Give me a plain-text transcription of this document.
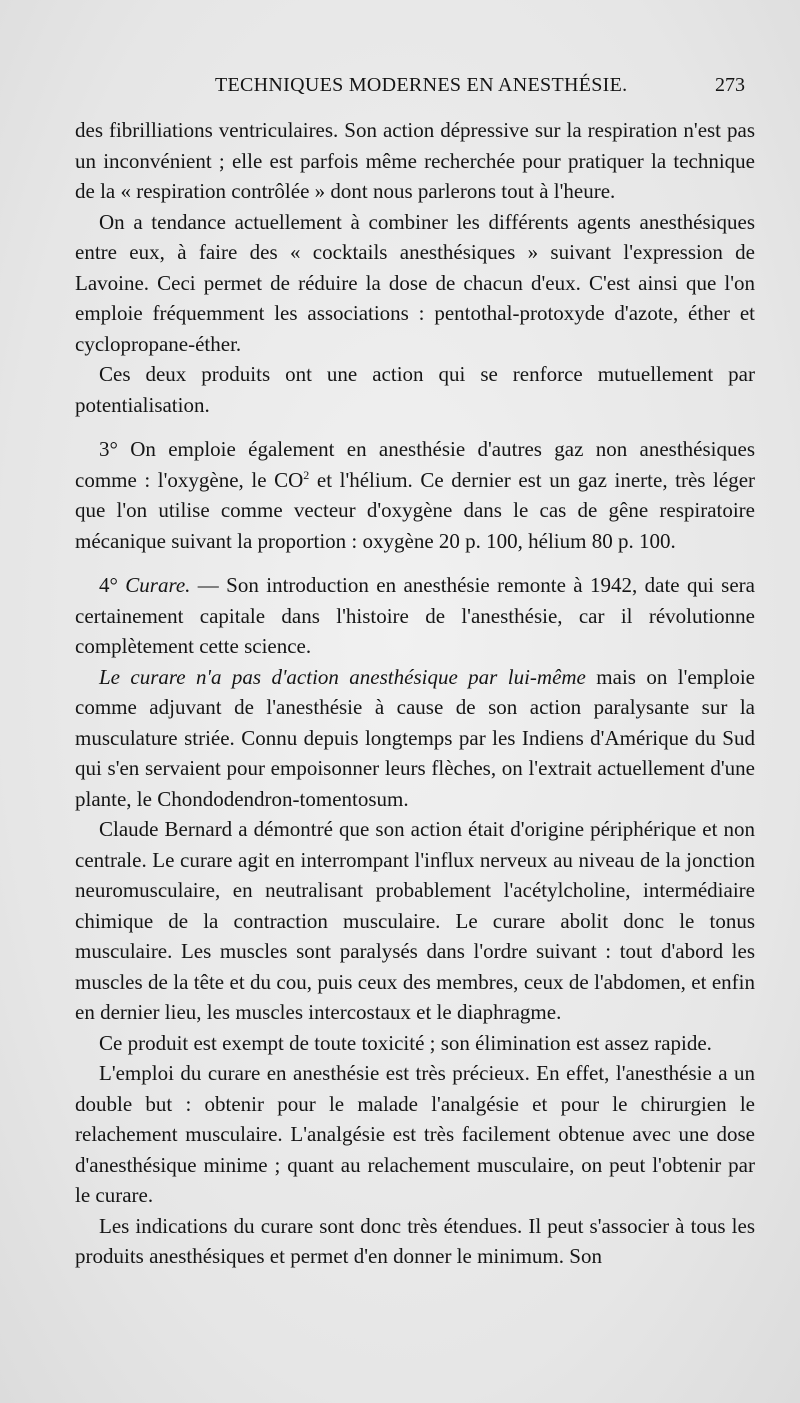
TECHNIQUES MODERNES EN ANESTHÉSIE.	273

des fibrilliations ventriculaires. Son action dépressive sur la respiration n'est pas un inconvénient ; elle est parfois même recherchée pour pratiquer la technique de la « respiration contrôlée » dont nous parlerons tout à l'heure.

On a tendance actuellement à combiner les différents agents anesthésiques entre eux, à faire des « cocktails anesthésiques » suivant l'expression de Lavoine. Ceci permet de réduire la dose de chacun d'eux. C'est ainsi que l'on emploie fréquemment les associations : pentothal-protoxyde d'azote, éther et cyclopropane-éther.

Ces deux produits ont une action qui se renforce mutuellement par potentialisation.

3° On emploie également en anesthésie d'autres gaz non anesthésiques comme : l'oxygène, le $CO^2$ et l'hélium. Ce dernier est un gaz inerte, très léger que l'on utilise comme vecteur d'oxygène dans le cas de gêne respiratoire mécanique suivant la proportion : oxygène 20 p. 100, hélium 80 p. 100.

4° Curare. — Son introduction en anesthésie remonte à 1942, date qui sera certainement capitale dans l'histoire de l'anesthésie, car il révolutionne complètement cette science.

Le curare n'a pas d'action anesthésique par lui-même mais on l'emploie comme adjuvant de l'anesthésie à cause de son action paralysante sur la musculature striée. Connu depuis longtemps par les Indiens d'Amérique du Sud qui s'en servaient pour empoisonner leurs flèches, on l'extrait actuellement d'une plante, le Chondodendron-tomentosum.

Claude Bernard a démontré que son action était d'origine périphérique et non centrale. Le curare agit en interrompant l'influx nerveux au niveau de la jonction neuromusculaire, en neutralisant probablement l'acétylcholine, intermédiaire chimique de la contraction musculaire. Le curare abolit donc le tonus musculaire. Les muscles sont paralysés dans l'ordre suivant : tout d'abord les muscles de la tête et du cou, puis ceux des membres, ceux de l'abdomen, et enfin en dernier lieu, les muscles intercostaux et le diaphragme.

Ce produit est exempt de toute toxicité ; son élimination est assez rapide.

L'emploi du curare en anesthésie est très précieux. En effet, l'anesthésie a un double but : obtenir pour le malade l'analgésie et pour le chirurgien le relachement musculaire. L'analgésie est très facilement obtenue avec une dose d'anesthésique minime ; quant au relachement musculaire, on peut l'obtenir par le curare.

Les indications du curare sont donc très étendues. Il peut s'associer à tous les produits anesthésiques et permet d'en donner le minimum. Son
